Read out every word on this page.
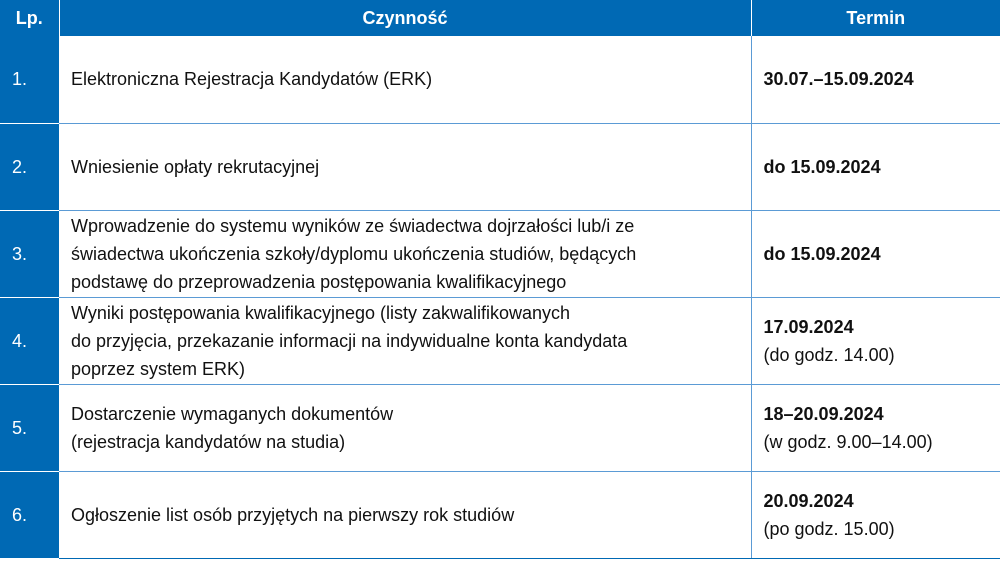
Lp.	Czynność	Termin
1.	Elektroniczna Rejestracja Kandydatów (ERK)	30.07.–15.09.2024

2.	Wniesienie opłaty rekrutacyjnej	do 15.09.2024

3.	Wprowadzenie do systemu wyników ze świadectwa dojrzałości lub/i ze
świadectwa ukończenia szkoły/dyplomu ukończenia studiów, będących
podstawę do przeprowadzenia postępowania kwalifikacyjnego	do 15.09.2024

4.	Wyniki postępowania kwalifikacyjnego (listy zakwalifikowanych
do przyjęcia, przekazanie informacji na indywidualne konta kandydata
poprzez system ERK)	17.09.2024
(do godz. 14.00)

5.	Dostarczenie wymaganych dokumentów
(rejestracja kandydatów na studia)	18–20.09.2024
(w godz. 9.00–14.00)

6.	Ogłoszenie list osób przyjętych na pierwszy rok studiów	20.09.2024
(po godz. 15.00)
